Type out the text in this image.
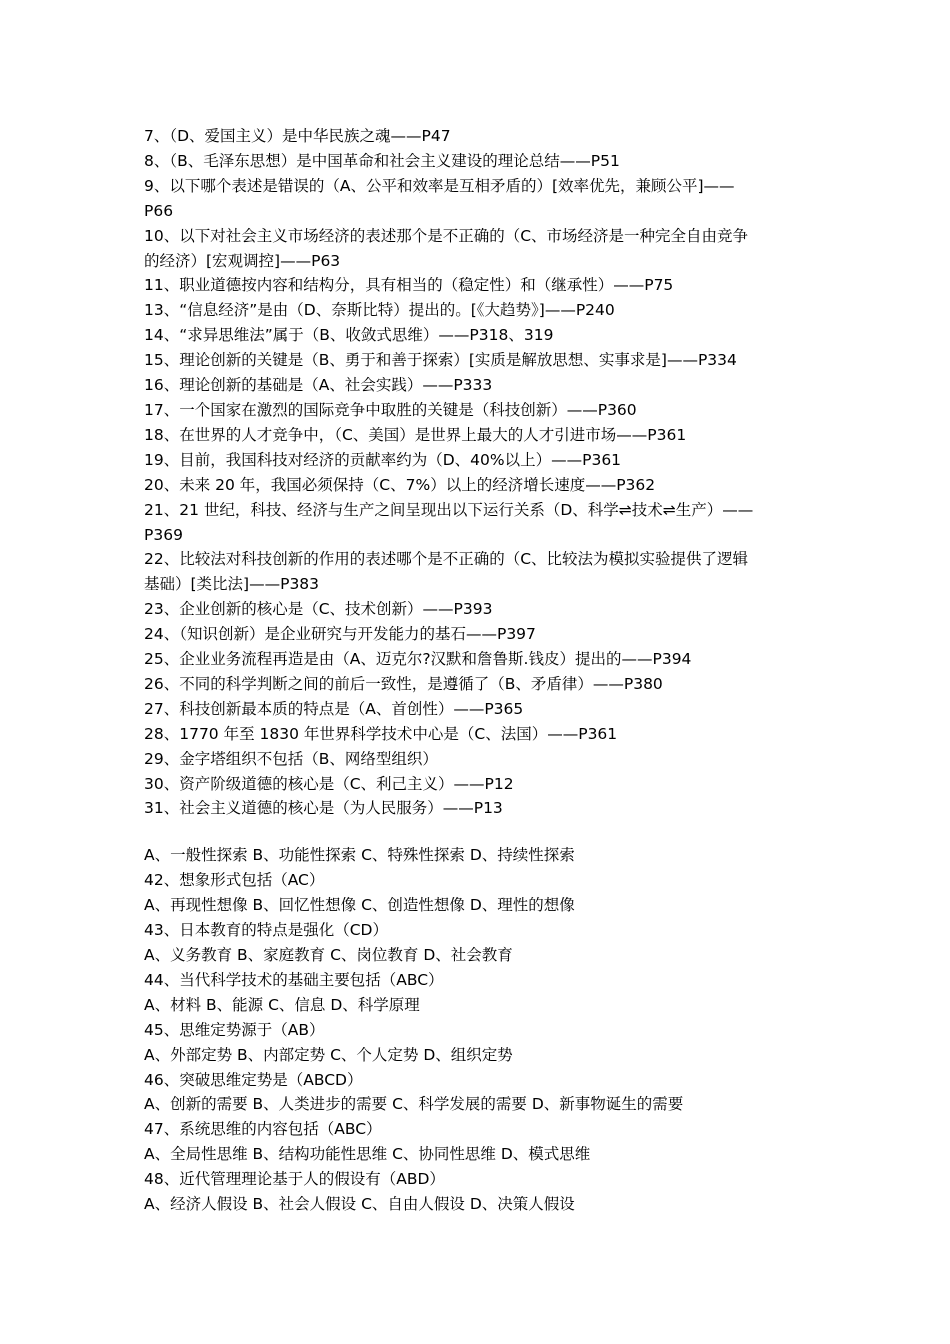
7、（D、爱国主义）是中华民族之魂——P47

8、（B、毛泽东思想）是中国革命和社会主义建设的理论总结——P51

9、以下哪个表述是错误的（A、公平和效率是互相矛盾的）[效率优先，兼顾公平]——

P66

10、以下对社会主义市场经济的表述那个是不正确的（C、市场经济是一种完全自由竞争

的经济）[宏观调控]——P63

11、职业道德按内容和结构分，具有相当的（稳定性）和（继承性）——P75

13、“信息经济”是由（D、奈斯比特）提出的。[《大趋势》]——P240

14、“求异思维法”属于（B、收敛式思维）——P318、319

15、理论创新的关键是（B、勇于和善于探索）[实质是解放思想、实事求是]——P334

16、理论创新的基础是（A、社会实践）——P333

17、一个国家在激烈的国际竞争中取胜的关键是（科技创新）——P360

18、在世界的人才竞争中，（C、美国）是世界上最大的人才引进市场——P361

19、目前，我国科技对经济的贡献率约为（D、40%以上）——P361

20、未来 20 年，我国必须保持（C、7%）以上的经济增长速度——P362

21、21 世纪，科技、经济与生产之间呈现出以下运行关系（D、科学⇌技术⇌生产）——

P369

22、比较法对科技创新的作用的表述哪个是不正确的（C、比较法为模拟实验提供了逻辑

基础）[类比法]——P383

23、企业创新的核心是（C、技术创新）——P393

24、（知识创新）是企业研究与开发能力的基石——P397

25、企业业务流程再造是由（A、迈克尔?汉默和詹鲁斯.钱皮）提出的——P394

26、不同的科学判断之间的前后一致性，是遵循了（B、矛盾律）——P380

27、科技创新最本质的特点是（A、首创性）——P365

28、1770 年至 1830 年世界科学技术中心是（C、法国）——P361

29、金字塔组织不包括（B、网络型组织）

30、资产阶级道德的核心是（C、利己主义）——P12

31、社会主义道德的核心是（为人民服务）——P13

A、一般性探索 B、功能性探索 C、特殊性探索 D、持续性探索

42、想象形式包括（AC）

A、再现性想像 B、回忆性想像 C、创造性想像 D、理性的想像

43、日本教育的特点是强化（CD）

A、义务教育 B、家庭教育 C、岗位教育 D、社会教育

44、当代科学技术的基础主要包括（ABC）

A、材料 B、能源 C、信息 D、科学原理

45、思维定势源于（AB）

A、外部定势 B、内部定势 C、个人定势 D、组织定势

46、突破思维定势是（ABCD）

A、创新的需要 B、人类进步的需要 C、科学发展的需要 D、新事物诞生的需要

47、系统思维的内容包括（ABC）

A、全局性思维 B、结构功能性思维 C、协同性思维 D、模式思维

48、近代管理理论基于人的假设有（ABD）

A、经济人假设 B、社会人假设 C、自由人假设 D、决策人假设
